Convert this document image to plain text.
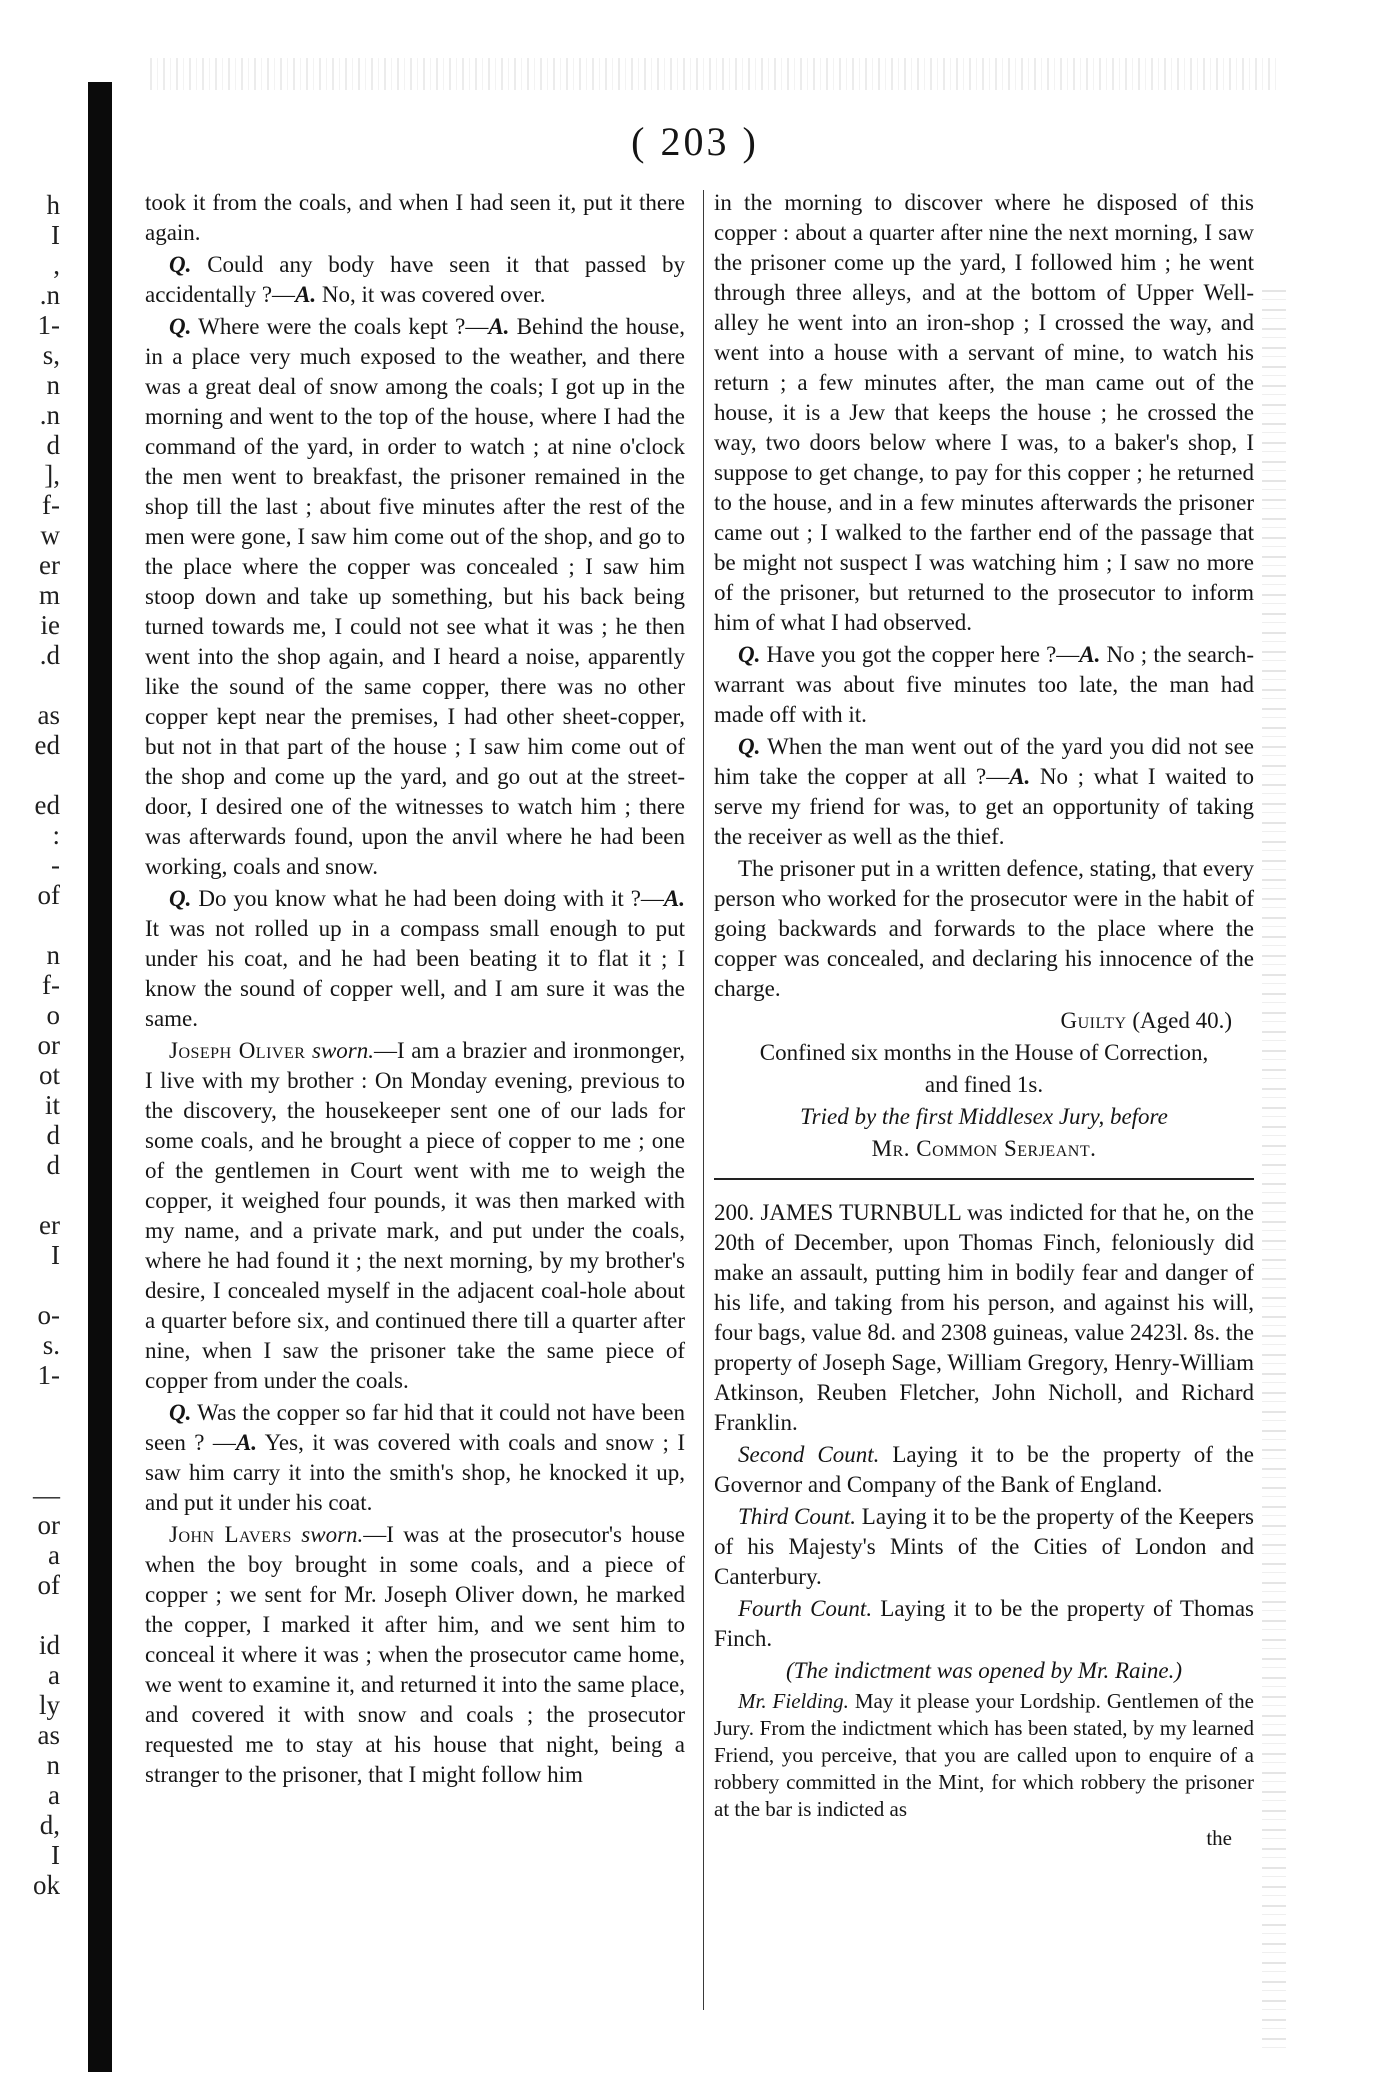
h
I
,
.n
1-
s,
n
.n
d
],
f-
w
er
m
ie
.d
as
ed
ed
:
-
of
n
f-
o
or
ot
it
d
d
er
I
o-
s.
1-
—
or
a
of
id
a
ly
as
n
a
d,
I
ok
( 203 )

took it from the coals, and when I had seen it, put it there again.

Q. Could any body have seen it that passed by accidentally ?—A. No, it was covered over.

Q. Where were the coals kept ?—A. Behind the house, in a place very much exposed to the weather, and there was a great deal of snow among the coals; I got up in the morning and went to the top of the house, where I had the command of the yard, in order to watch ; at nine o'clock the men went to breakfast, the prisoner remained in the shop till the last ; about five minutes after the rest of the men were gone, I saw him come out of the shop, and go to the place where the copper was concealed ; I saw him stoop down and take up something, but his back being turned towards me, I could not see what it was ; he then went into the shop again, and I heard a noise, apparently like the sound of the same copper, there was no other copper kept near the premises, I had other sheet-copper, but not in that part of the house ; I saw him come out of the shop and come up the yard, and go out at the street-door, I desired one of the witnesses to watch him ; there was afterwards found, upon the anvil where he had been working, coals and snow.

Q. Do you know what he had been doing with it ?—A. It was not rolled up in a compass small enough to put under his coat, and he had been beating it to flat it ; I know the sound of copper well, and I am sure it was the same.

Joseph Oliver sworn.—I am a brazier and ironmonger, I live with my brother : On Monday evening, previous to the discovery, the housekeeper sent one of our lads for some coals, and he brought a piece of copper to me ; one of the gentlemen in Court went with me to weigh the copper, it weighed four pounds, it was then marked with my name, and a private mark, and put under the coals, where he had found it ; the next morning, by my brother's desire, I concealed myself in the adjacent coal-hole about a quarter before six, and continued there till a quarter after nine, when I saw the prisoner take the same piece of copper from under the coals.

Q. Was the copper so far hid that it could not have been seen ? —A. Yes, it was covered with coals and snow ; I saw him carry it into the smith's shop, he knocked it up, and put it under his coat.

John Lavers sworn.—I was at the prosecutor's house when the boy brought in some coals, and a piece of copper ; we sent for Mr. Joseph Oliver down, he marked the copper, I marked it after him, and we sent him to conceal it where it was ; when the prosecutor came home, we went to examine it, and returned it into the same place, and covered it with snow and coals ; the prosecutor requested me to stay at his house that night, being a stranger to the prisoner, that I might follow him

in the morning to discover where he disposed of this copper : about a quarter after nine the next morning, I saw the prisoner come up the yard, I followed him ; he went through three alleys, and at the bottom of Upper Well-alley he went into an iron-shop ; I crossed the way, and went into a house with a servant of mine, to watch his return ; a few minutes after, the man came out of the house, it is a Jew that keeps the house ; he crossed the way, two doors below where I was, to a baker's shop, I suppose to get change, to pay for this copper ; he returned to the house, and in a few minutes afterwards the prisoner came out ; I walked to the farther end of the passage that be might not suspect I was watching him ; I saw no more of the prisoner, but returned to the prosecutor to inform him of what I had observed.

Q. Have you got the copper here ?—A. No ; the search-warrant was about five minutes too late, the man had made off with it.

Q. When the man went out of the yard you did not see him take the copper at all ?—A. No ; what I waited to serve my friend for was, to get an opportunity of taking the receiver as well as the thief.

The prisoner put in a written defence, stating, that every person who worked for the prosecutor were in the habit of going backwards and forwards to the place where the copper was concealed, and declaring his innocence of the charge.

Guilty (Aged 40.)

Confined six months in the House of Correction,

and fined 1s.

Tried by the first Middlesex Jury, before

Mr. Common Serjeant.

200. JAMES TURNBULL was indicted for that he, on the 20th of December, upon Thomas Finch, feloniously did make an assault, putting him in bodily fear and danger of his life, and taking from his person, and against his will, four bags, value 8d. and 2308 guineas, value 2423l. 8s. the property of Joseph Sage, William Gregory, Henry-William Atkinson, Reuben Fletcher, John Nicholl, and Richard Franklin.

Second Count. Laying it to be the property of the Governor and Company of the Bank of England.

Third Count. Laying it to be the property of the Keepers of his Majesty's Mints of the Cities of London and Canterbury.

Fourth Count. Laying it to be the property of Thomas Finch.

(The indictment was opened by Mr. Raine.)

Mr. Fielding. May it please your Lordship. Gentlemen of the Jury. From the indictment which has been stated, by my learned Friend, you perceive, that you are called upon to enquire of a robbery committed in the Mint, for which robbery the prisoner at the bar is indicted as

the
